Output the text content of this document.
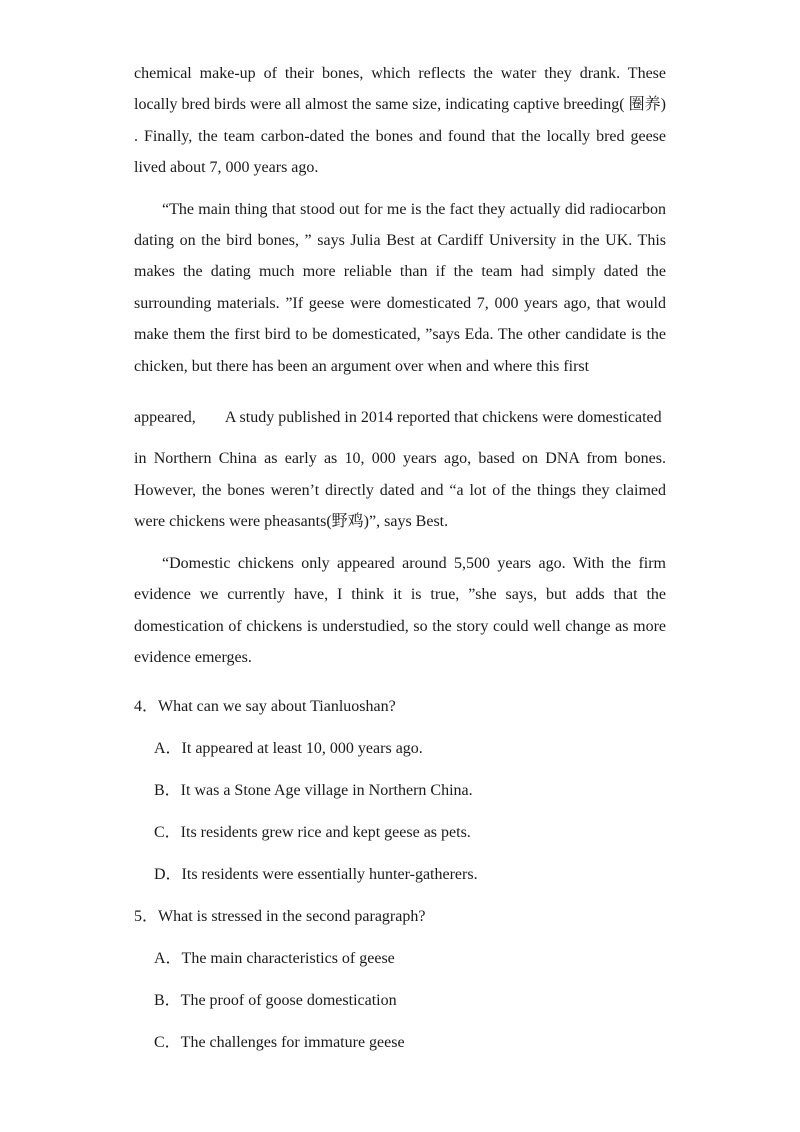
chemical make-up of their bones, which reflects the water they drank. These locally bred birds were all almost the same size, indicating captive breeding( 圈养) . Finally, the team carbon-dated the bones and found that the locally bred geese lived about 7, 000 years ago.

“The main thing that stood out for me is the fact they actually did radiocarbon dating on the bird bones, ” says Julia Best at Cardiff University in the UK. This makes the dating much more reliable than if the team had simply dated the surrounding materials. ”If geese were domesticated 7, 000 years ago, that would make them the first bird to be domesticated, ”says Eda. The other candidate is the chicken, but there has been an argument over when and where this first

appeared, A study published in 2014 reported that chickens were domesticated

in Northern China as early as 10, 000 years ago, based on DNA from bones. However, the bones weren’t directly dated and “a lot of the things they claimed were chickens were pheasants(野鸡)”, says Best.

“Domestic chickens only appeared around 5,500 years ago. With the firm evidence we currently have, I think it is true, ”she says, but adds that the domestication of chickens is understudied, so the story could well change as more evidence emerges.

4．What can we say about Tianluoshan?

A．It appeared at least 10, 000 years ago.

B．It was a Stone Age village in Northern China.

C．Its residents grew rice and kept geese as pets.

D．Its residents were essentially hunter-gatherers.

5．What is stressed in the second paragraph?

A．The main characteristics of geese

B．The proof of goose domestication

C．The challenges for immature geese
